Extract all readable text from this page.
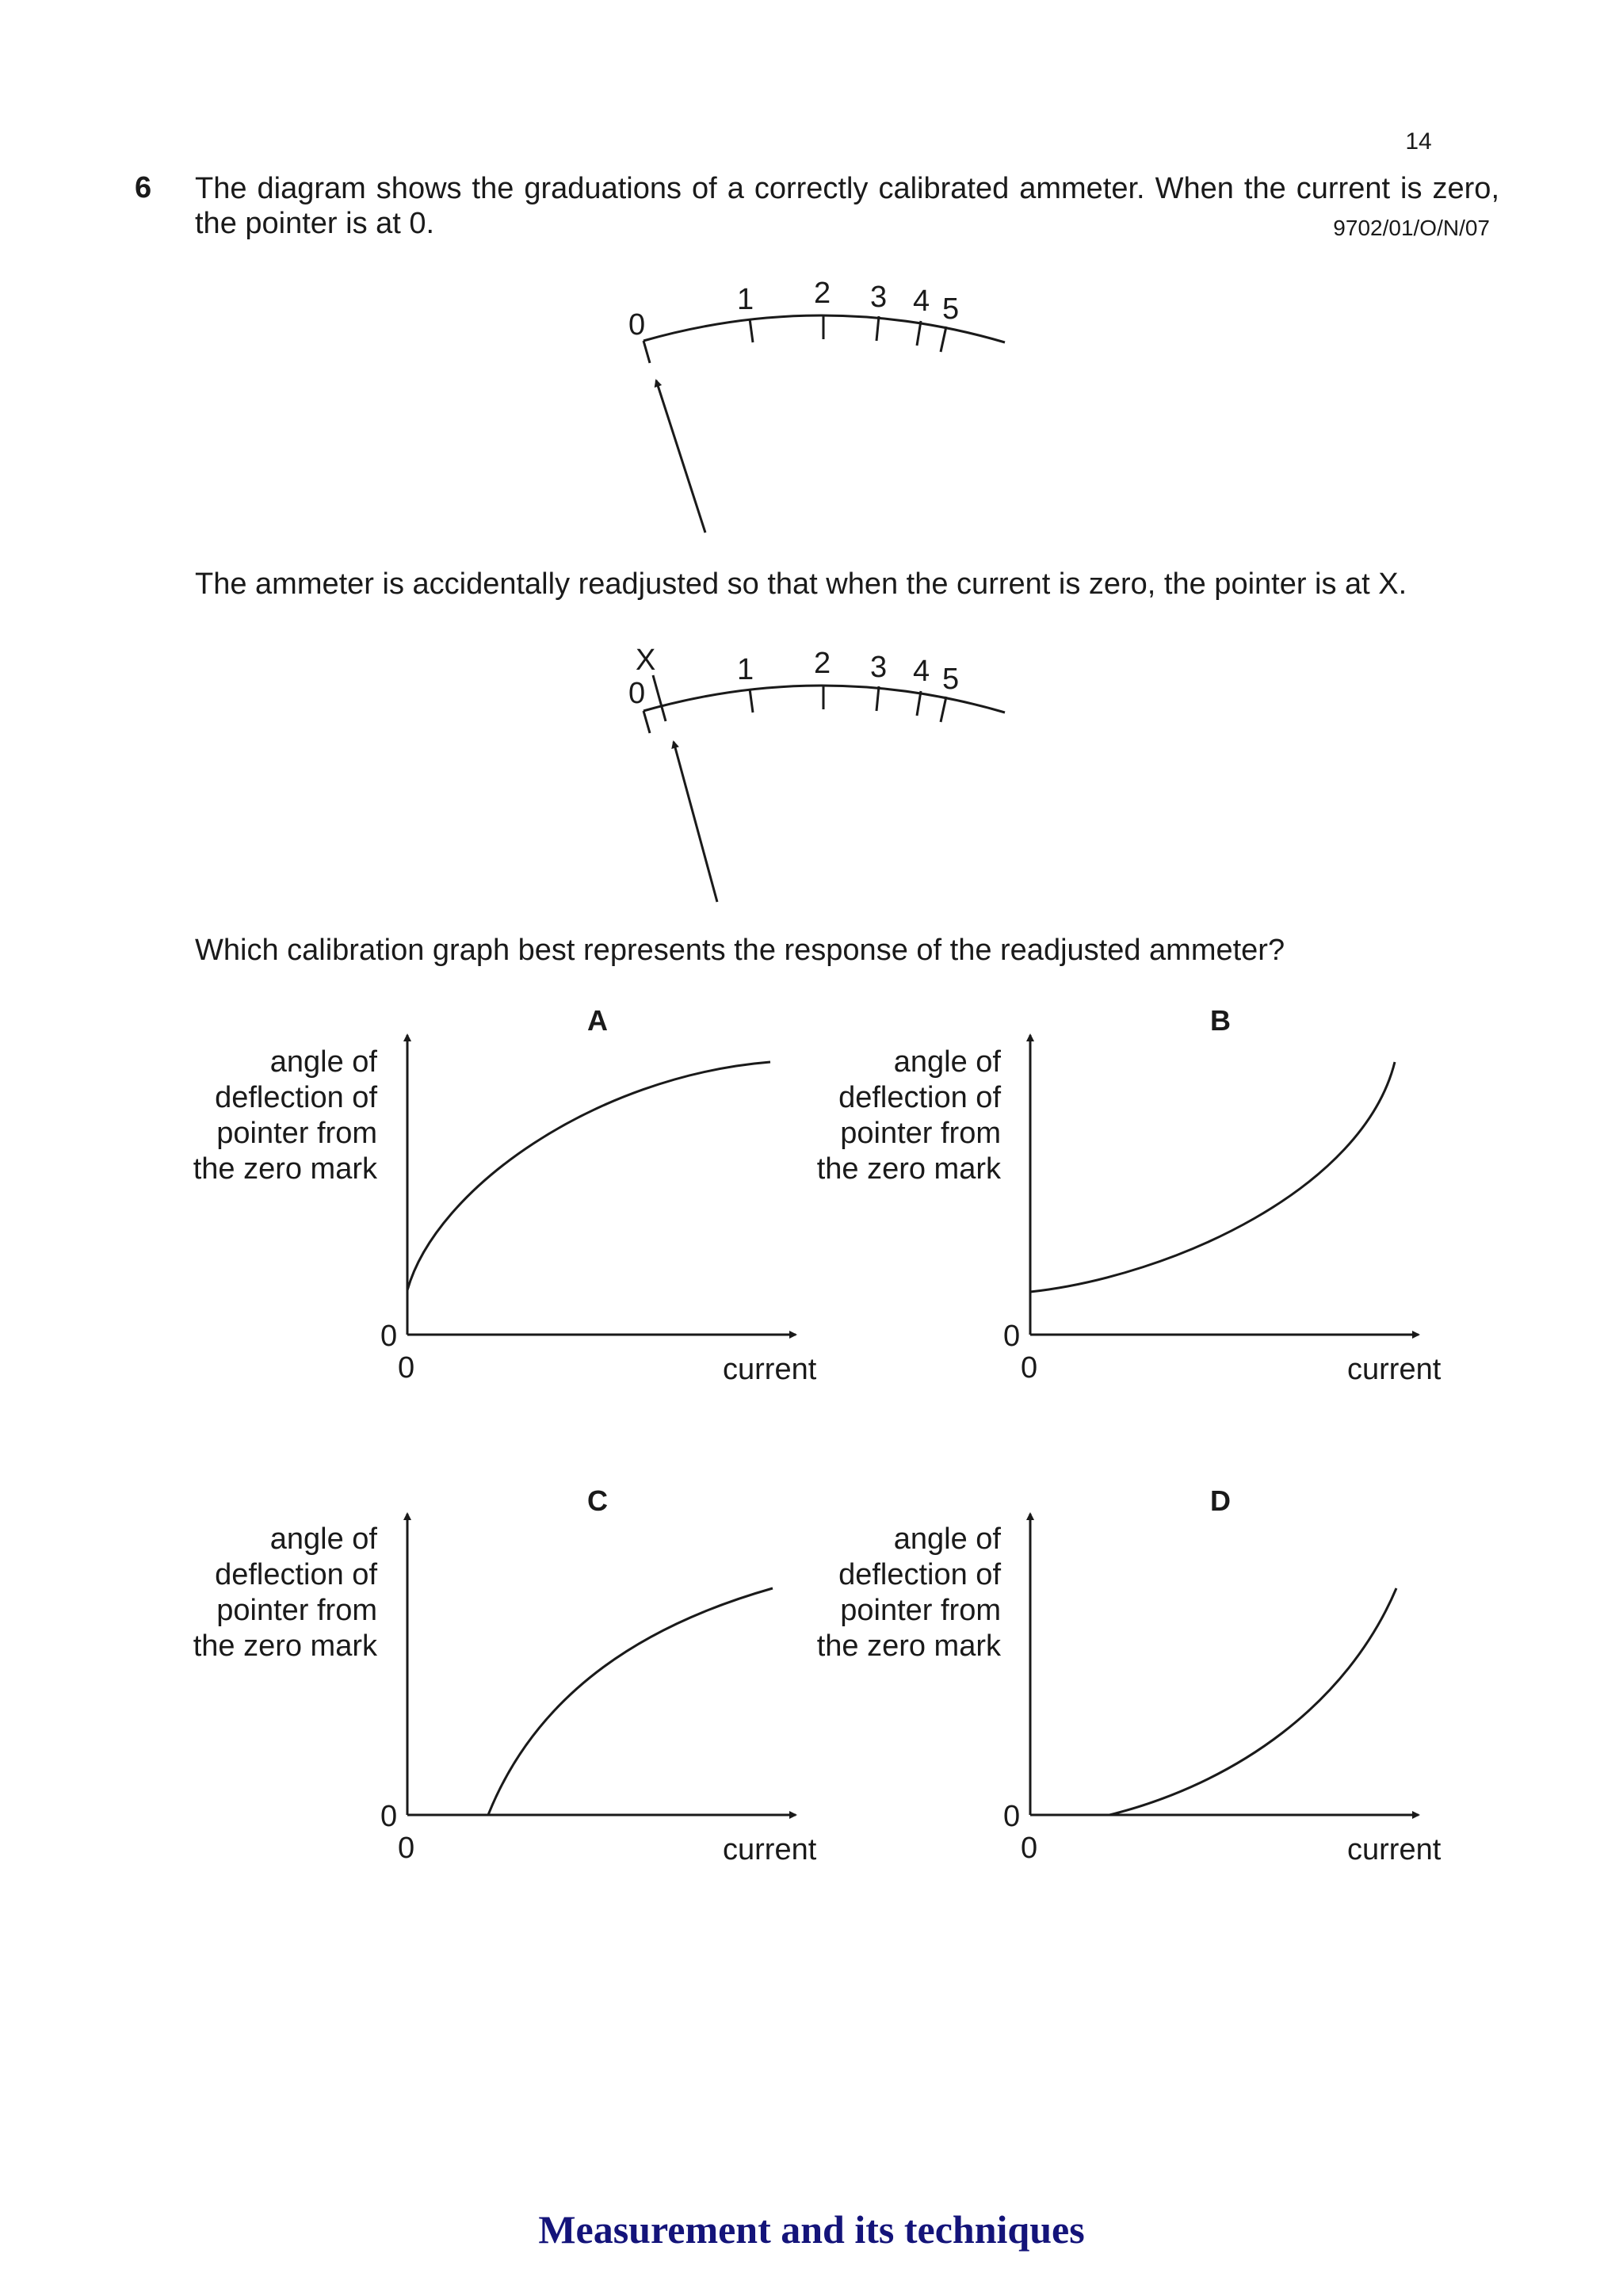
14
6 The diagram shows the graduations of a correctly calibrated ammeter. When the current is zero, the pointer is at 0.	9702/01/O/N/07
The ammeter is accidentally readjusted so that when the current is zero, the pointer is at X.
Which calibration graph best represents the response of the readjusted ammeter?
0
1 2 3 4 5
X
0
1 2 3 4 5
A
angle of
deflection of
pointer from
the zero mark
0
0	current
B
angle of
deflection of
pointer from
the zero mark
0
0	current
C
angle of
deflection of
pointer from
the zero mark
0
0	current
D
angle of
deflection of
pointer from
the zero mark
0
0	current
Measurement and its techniques
